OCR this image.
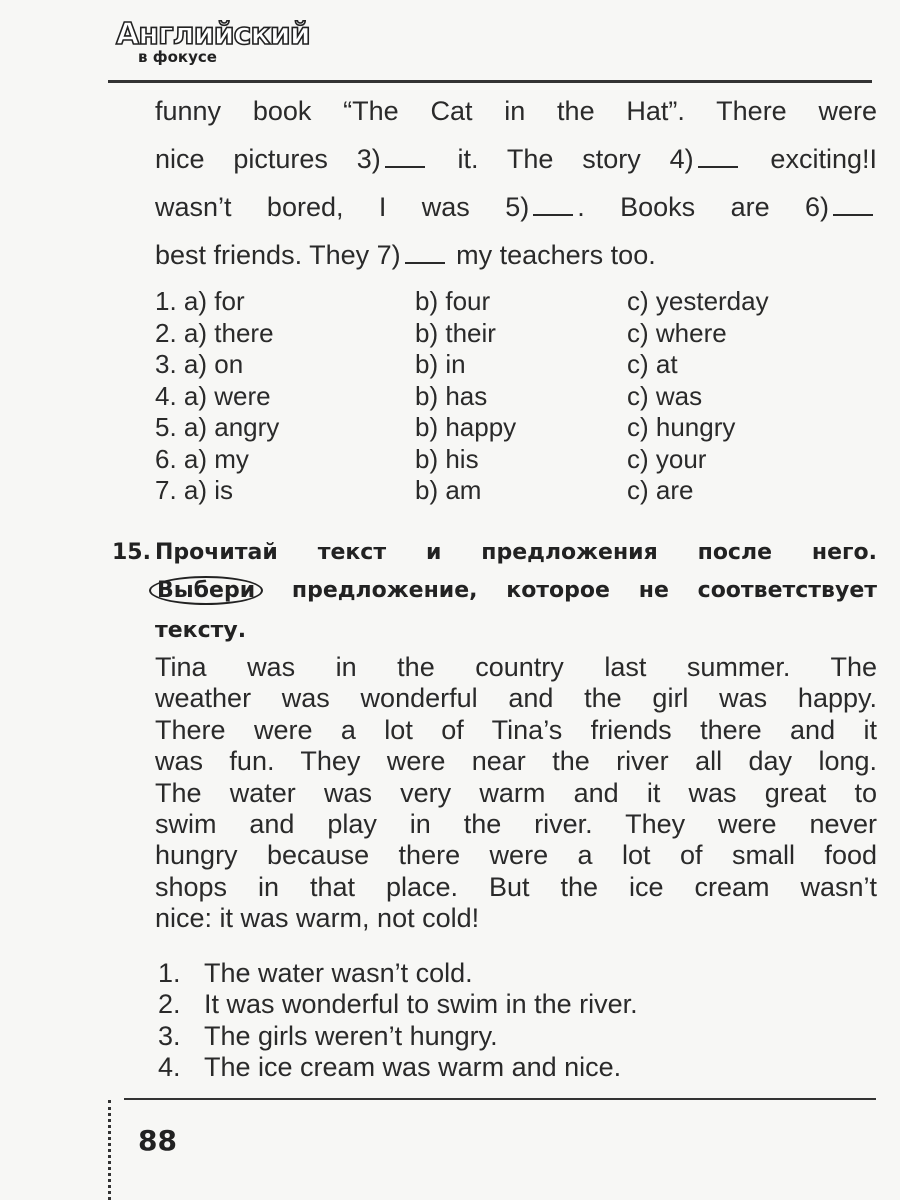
Английский
в фокусе
funny book “The Cat in the Hat”. There were
nice pictures 3) it. The story 4) exciting!I
wasn’t bored, I was 5) . Books are 6)
best friends. They 7) my teachers too.
1. a) for	b) four	c) yesterday
2. a) there	b) their	c) where
3. a) on	b) in	c) at
4. a) were	b) has	c) was
5. a) angry	b) happy	c) hungry
6. a) my	b) his	c) your
7. a) is	b) am	c) are
15. Прочитай текст и предложения после него.
Выбери предложение, которое не соответствует
тексту.
Tina was in the country last summer. The
weather was wonderful and the girl was happy.
There were a lot of Tina’s friends there and it
was fun. They were near the river all day long.
The water was very warm and it was great to
swim and play in the river. They were never
hungry because there were a lot of small food
shops in that place. But the ice cream wasn’t
nice: it was warm, not cold!
1. The water wasn’t cold.
2. It was wonderful to swim in the river.
3. The girls weren’t hungry.
4. The ice cream was warm and nice.
88
